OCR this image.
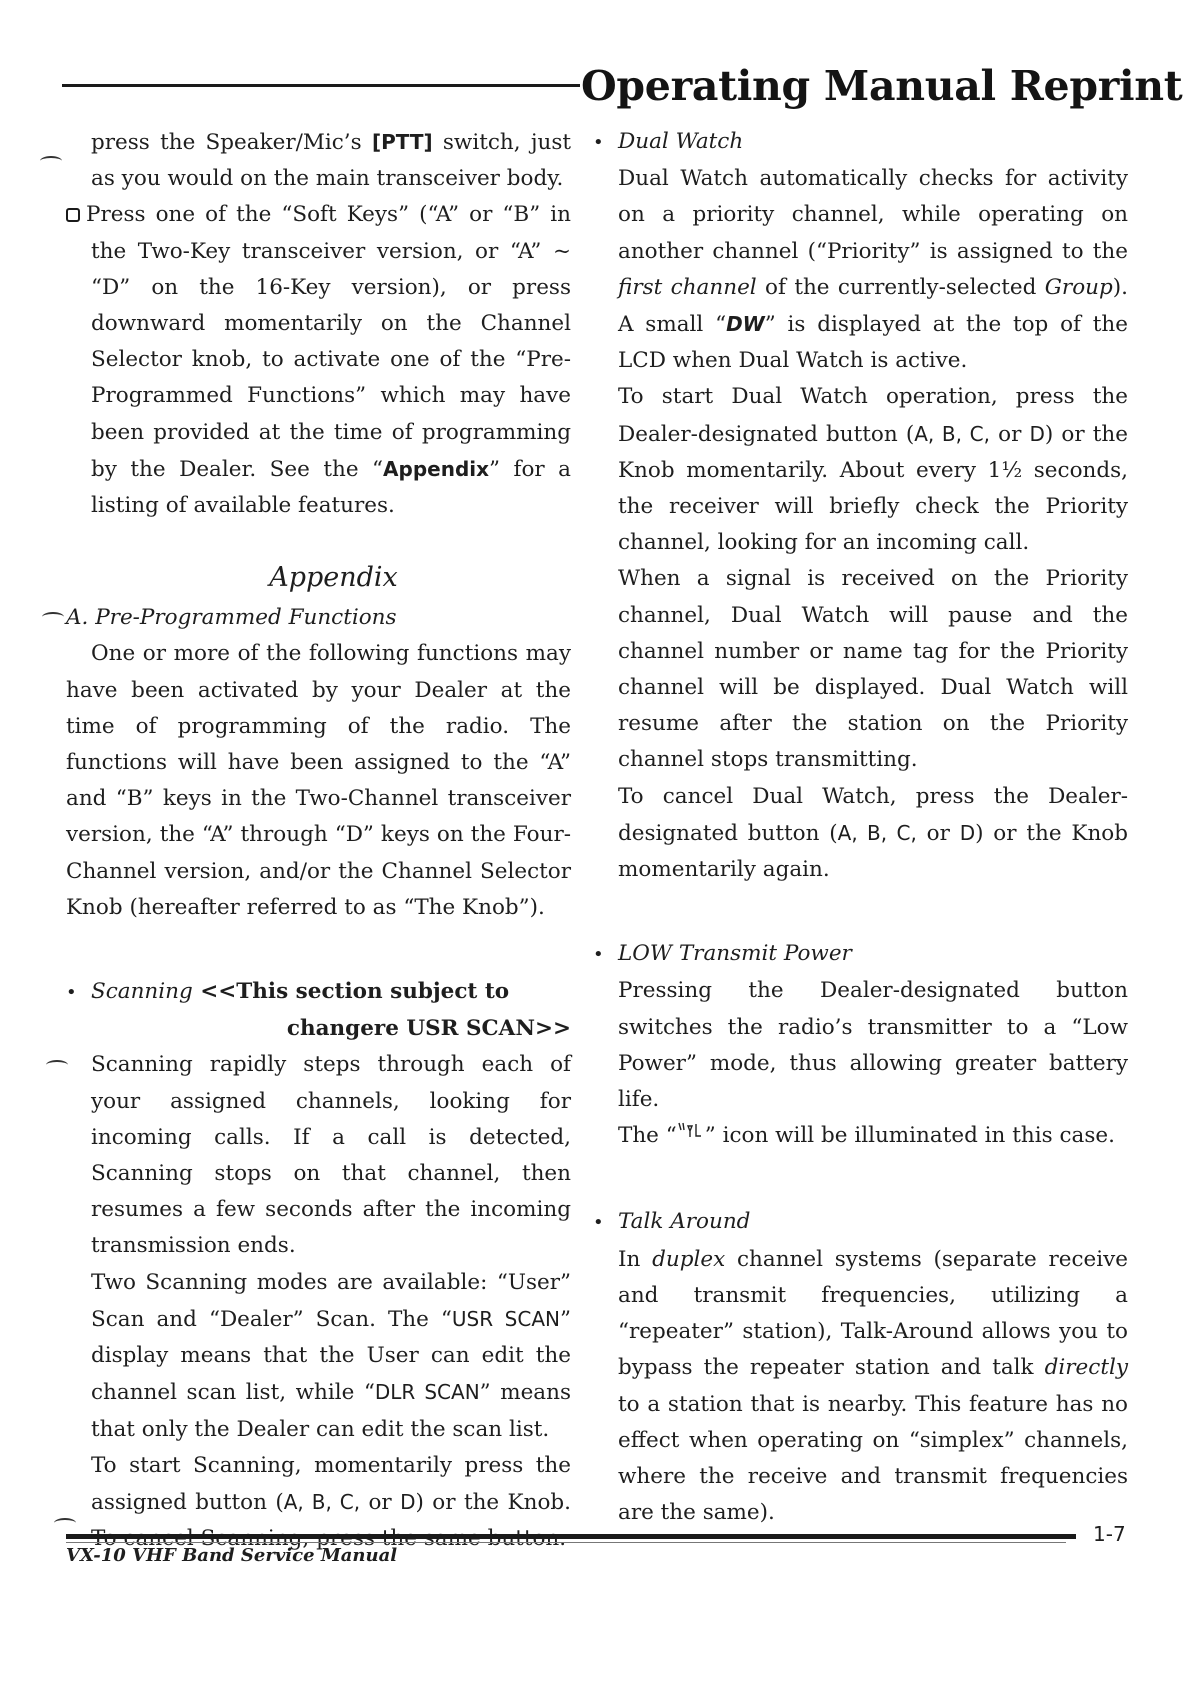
Operating Manual Reprint

press the Speaker/Mic’s [PTT] switch, just as you would on the main transceiver body.

Press one of the “Soft Keys” (“A” or “B” in the Two-Key transceiver version, or “A” ~ “D” on the 16-Key version), or press downward momentarily on the Channel Selector knob, to activate one of the “Pre-Programmed Functions” which may have been provided at the time of programming by the Dealer. See the “Appendix” for a listing of available features.

Appendix

A. Pre-Programmed Functions

One or more of the following functions may have been activated by your Dealer at the time of programming of the radio. The functions will have been assigned to the “A” and “B” keys in the Two-Channel transceiver version, the “A” through “D” keys on the Four-Channel version, and/or the Channel Selector Knob (hereafter referred to as “The Knob”).

• Scanning <<This section subject to

changere USR SCAN>>

Scanning rapidly steps through each of your assigned channels, looking for incoming calls. If a call is detected, Scanning stops on that channel, then resumes a few seconds after the incoming transmission ends.

Two Scanning modes are available: “User” Scan and “Dealer” Scan. The “USR SCAN” display means that the User can edit the channel scan list, while “DLR SCAN” means that only the Dealer can edit the scan list.

To start Scanning, momentarily press the assigned button (A, B, C, or D) or the Knob.

• Dual Watch

Dual Watch automatically checks for activity on a priority channel, while operating on another channel (“Priority” is assigned to the first channel of the currently-selected Group). A small “DW” is displayed at the top of the LCD when Dual Watch is active.

To start Dual Watch operation, press the Dealer-designated button (A, B, C, or D) or the Knob momentarily. About every 1½ seconds, the receiver will briefly check the Priority channel, looking for an incoming call.

When a signal is received on the Priority channel, Dual Watch will pause and the channel number or name tag for the Priority channel will be displayed. Dual Watch will resume after the station on the Priority channel stops transmitting.

To cancel Dual Watch, press the Dealer-designated button (A, B, C, or D) or the Knob momentarily again.

• LOW Transmit Power

Pressing the Dealer-designated button switches the radio’s transmitter to a “Low Power” mode, thus allowing greater battery life.

The “ ” icon will be illuminated in this case.

• Talk Around

In duplex channel systems (separate receive and transmit frequencies, utilizing a “repeater” station), Talk-Around allows you to bypass the repeater station and talk directly to a station that is nearby. This feature has no effect when operating on “simplex” channels, where the receive and transmit frequencies are the same).

VX-10 VHF Band Service Manual

1-7
